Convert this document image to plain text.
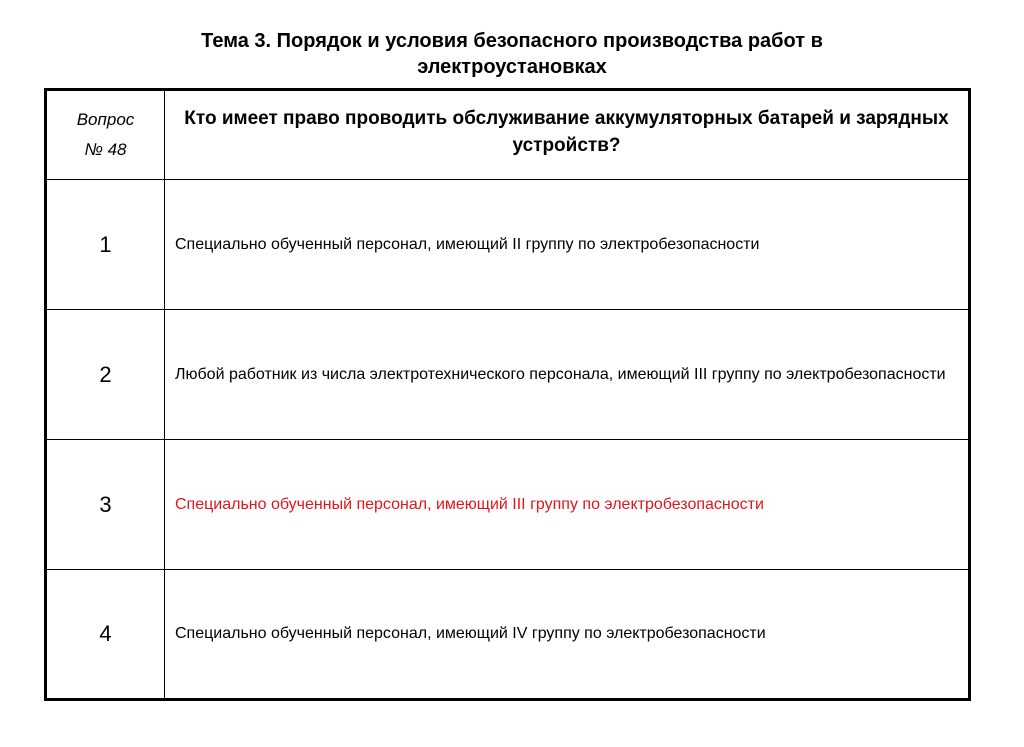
Тема 3. Порядок и условия безопасного производства работ в электроустановках
Вопрос
№ 48	Кто имеет право проводить обслуживание аккумуляторных батарей и зарядных устройств?
1	Специально обученный персонал, имеющий II группу по электробезопасности
2	Любой работник из числа электротехнического персонала, имеющий III группу по электробезопасности
3	Специально обученный персонал, имеющий III группу по электробезопасности
4	Специально обученный персонал, имеющий IV группу по электробезопасности
